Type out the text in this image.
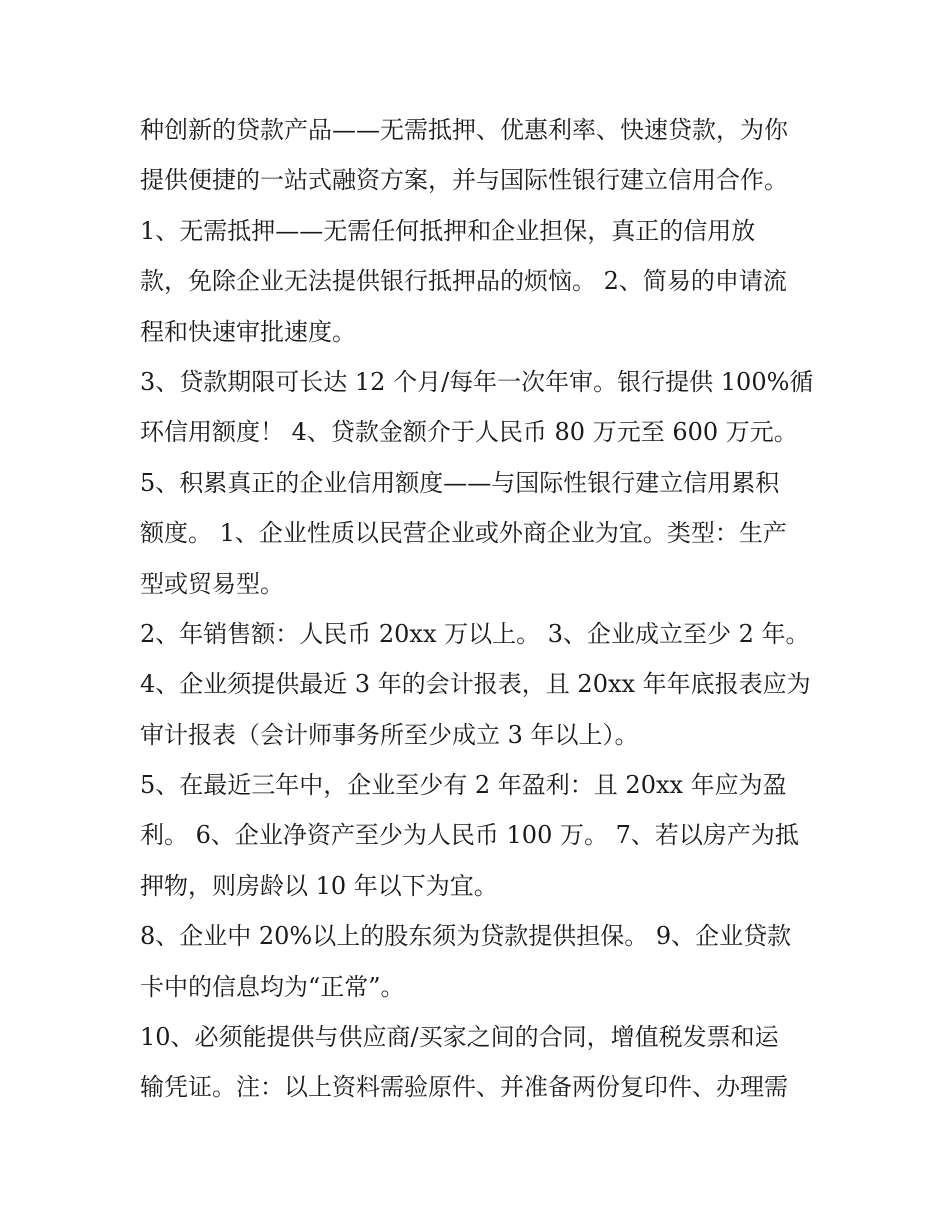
种创新的贷款产品——无需抵押、优惠利率、快速贷款，为你
提供便捷的一站式融资方案，并与国际性银行建立信用合作。
1、无需抵押——无需任何抵押和企业担保，真正的信用放
款，免除企业无法提供银行抵押品的烦恼。 2、简易的申请流
程和快速审批速度。
3、贷款期限可长达 12 个月/每年一次年审。银行提供 100%循
环信用额度！ 4、贷款金额介于人民币 80 万元至 600 万元。
5、积累真正的企业信用额度——与国际性银行建立信用累积
额度。 1、企业性质以民营企业或外商企业为宜。类型：生产
型或贸易型。
2、年销售额：人民币 20xx 万以上。 3、企业成立至少 2 年。
4、企业须提供最近 3 年的会计报表，且 20xx 年年底报表应为
审计报表（会计师事务所至少成立 3 年以上）。
5、在最近三年中，企业至少有 2 年盈利：且 20xx 年应为盈
利。 6、企业净资产至少为人民币 100 万。 7、若以房产为抵
押物，则房龄以 10 年以下为宜。
8、企业中 20%以上的股东须为贷款提供担保。 9、企业贷款
卡中的信息均为“正常”。
10、必须能提供与供应商/买家之间的合同，增值税发票和运
输凭证。注：以上资料需验原件、并准备两份复印件、办理需
